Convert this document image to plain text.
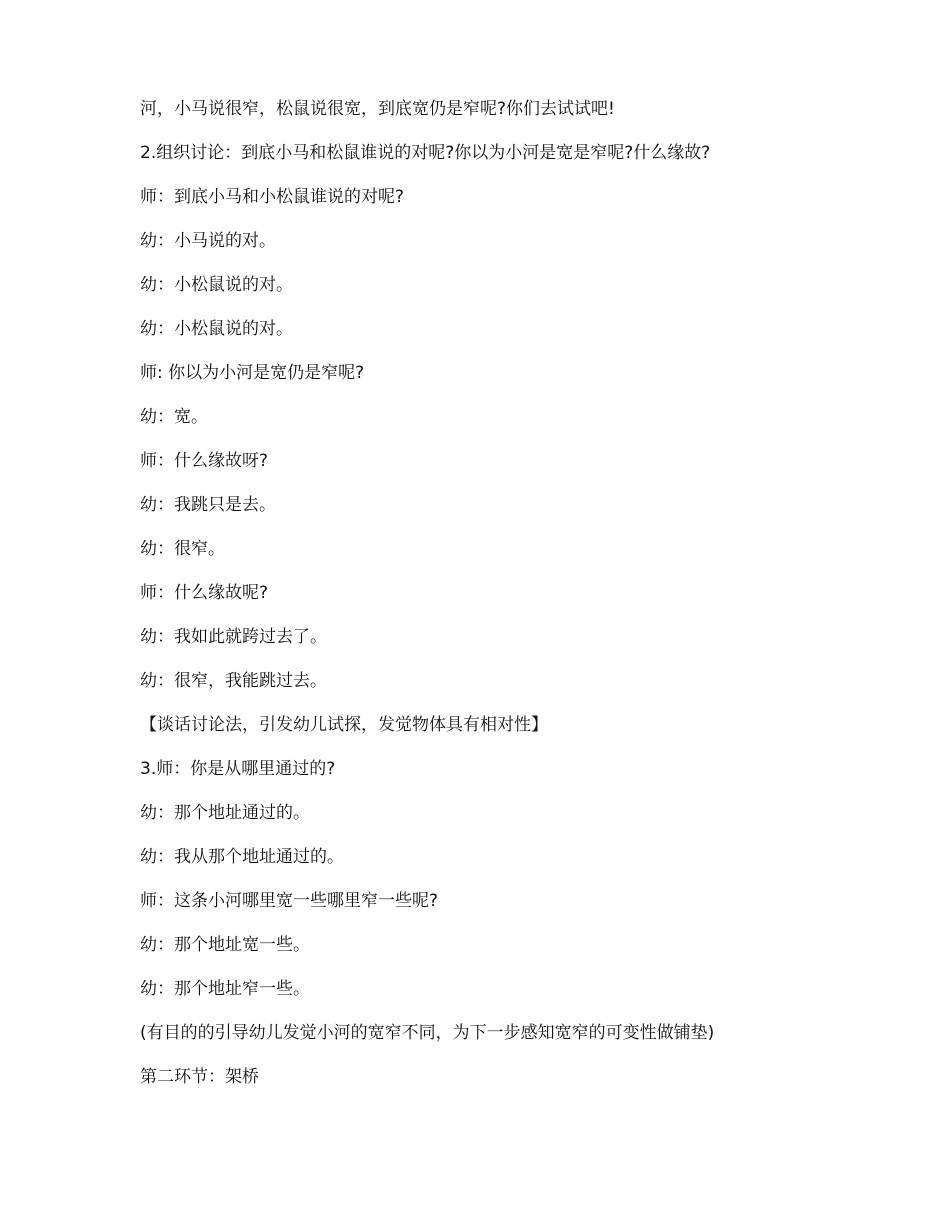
河，小马说很窄，松鼠说很宽，到底宽仍是窄呢?你们去试试吧!
2.组织讨论：到底小马和松鼠谁说的对呢?你以为小河是宽是窄呢?什么缘故?
师：到底小马和小松鼠谁说的对呢?
幼：小马说的对。
幼：小松鼠说的对。
幼：小松鼠说的对。
师: 你以为小河是宽仍是窄呢?
幼：宽。
师：什么缘故呀?
幼：我跳只是去。
幼：很窄。
师：什么缘故呢?
幼：我如此就跨过去了。
幼：很窄，我能跳过去。
【谈话讨论法，引发幼儿试探，发觉物体具有相对性】
3.师：你是从哪里通过的?
幼：那个地址通过的。
幼：我从那个地址通过的。
师：这条小河哪里宽一些哪里窄一些呢?
幼：那个地址宽一些。
幼：那个地址窄一些。
(有目的的引导幼儿发觉小河的宽窄不同，为下一步感知宽窄的可变性做铺垫)
第二环节：架桥
